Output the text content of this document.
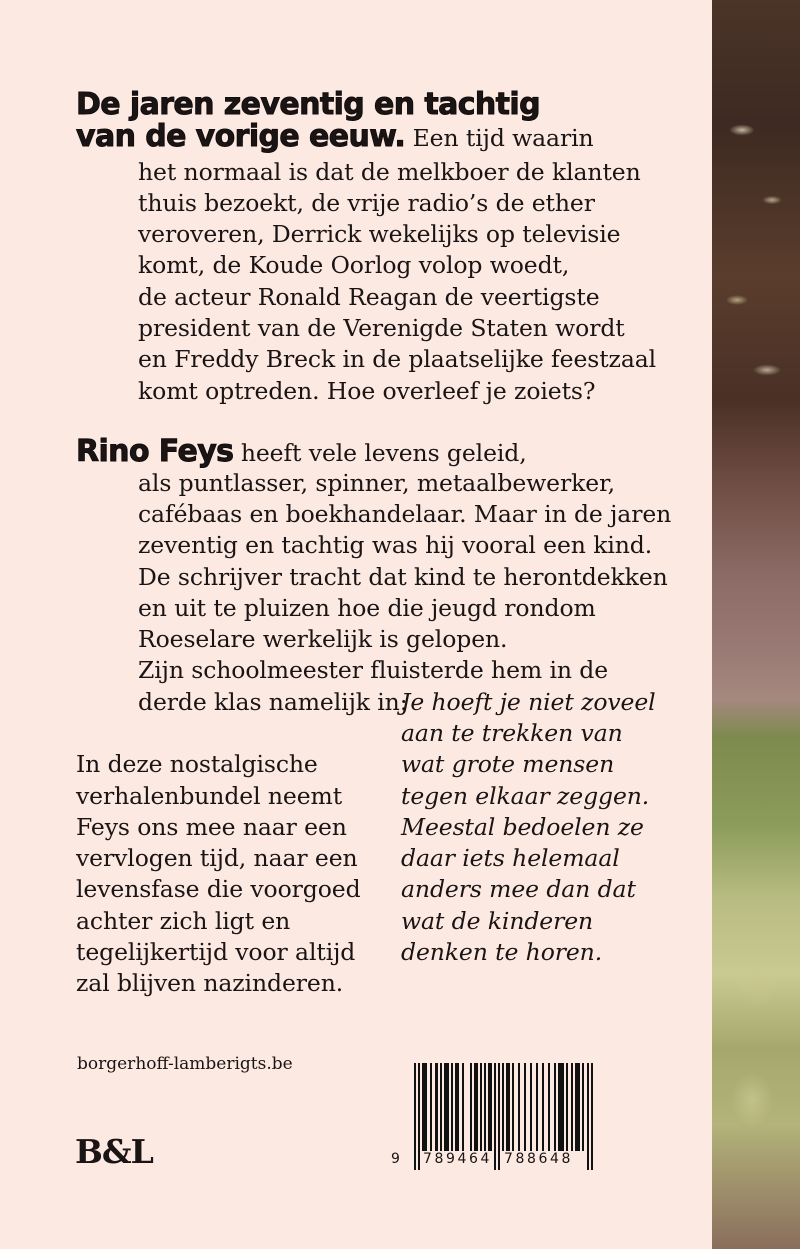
De jaren zeventig en tachtig
van de vorige eeuw. Een tijd waarin
het normaal is dat de melkboer de klanten
thuis bezoekt, de vrije radio’s de ether
veroveren, Derrick wekelijks op televisie
komt, de Koude Oorlog volop woedt,
de acteur Ronald Reagan de veertigste
president van de Verenigde Staten wordt
en Freddy Breck in de plaatselijke feestzaal
komt optreden. Hoe overleef je zoiets?
Rino Feys heeft vele levens geleid,
als puntlasser, spinner, metaalbewerker,
cafébaas en boekhandelaar. Maar in de jaren
zeventig en tachtig was hij vooral een kind.
De schrijver tracht dat kind te herontdekken
en uit te pluizen hoe die jeugd rondom
Roeselare werkelijk is gelopen.
Zijn schoolmeester fluisterde hem in de
derde klas namelijk in:
Je hoeft je niet zoveel
aan te trekken van
wat grote mensen
tegen elkaar zeggen.
Meestal bedoelen ze
daar iets helemaal
anders mee dan dat
wat de kinderen
denken te horen.
In deze nostalgische
verhalenbundel neemt
Feys ons mee naar een
vervlogen tijd, naar een
levensfase die voorgoed
achter zich ligt en
tegelijkertijd voor altijd
zal blijven nazinderen.
borgerhoff-lamberigts.be
B&L	9 789464 788648
